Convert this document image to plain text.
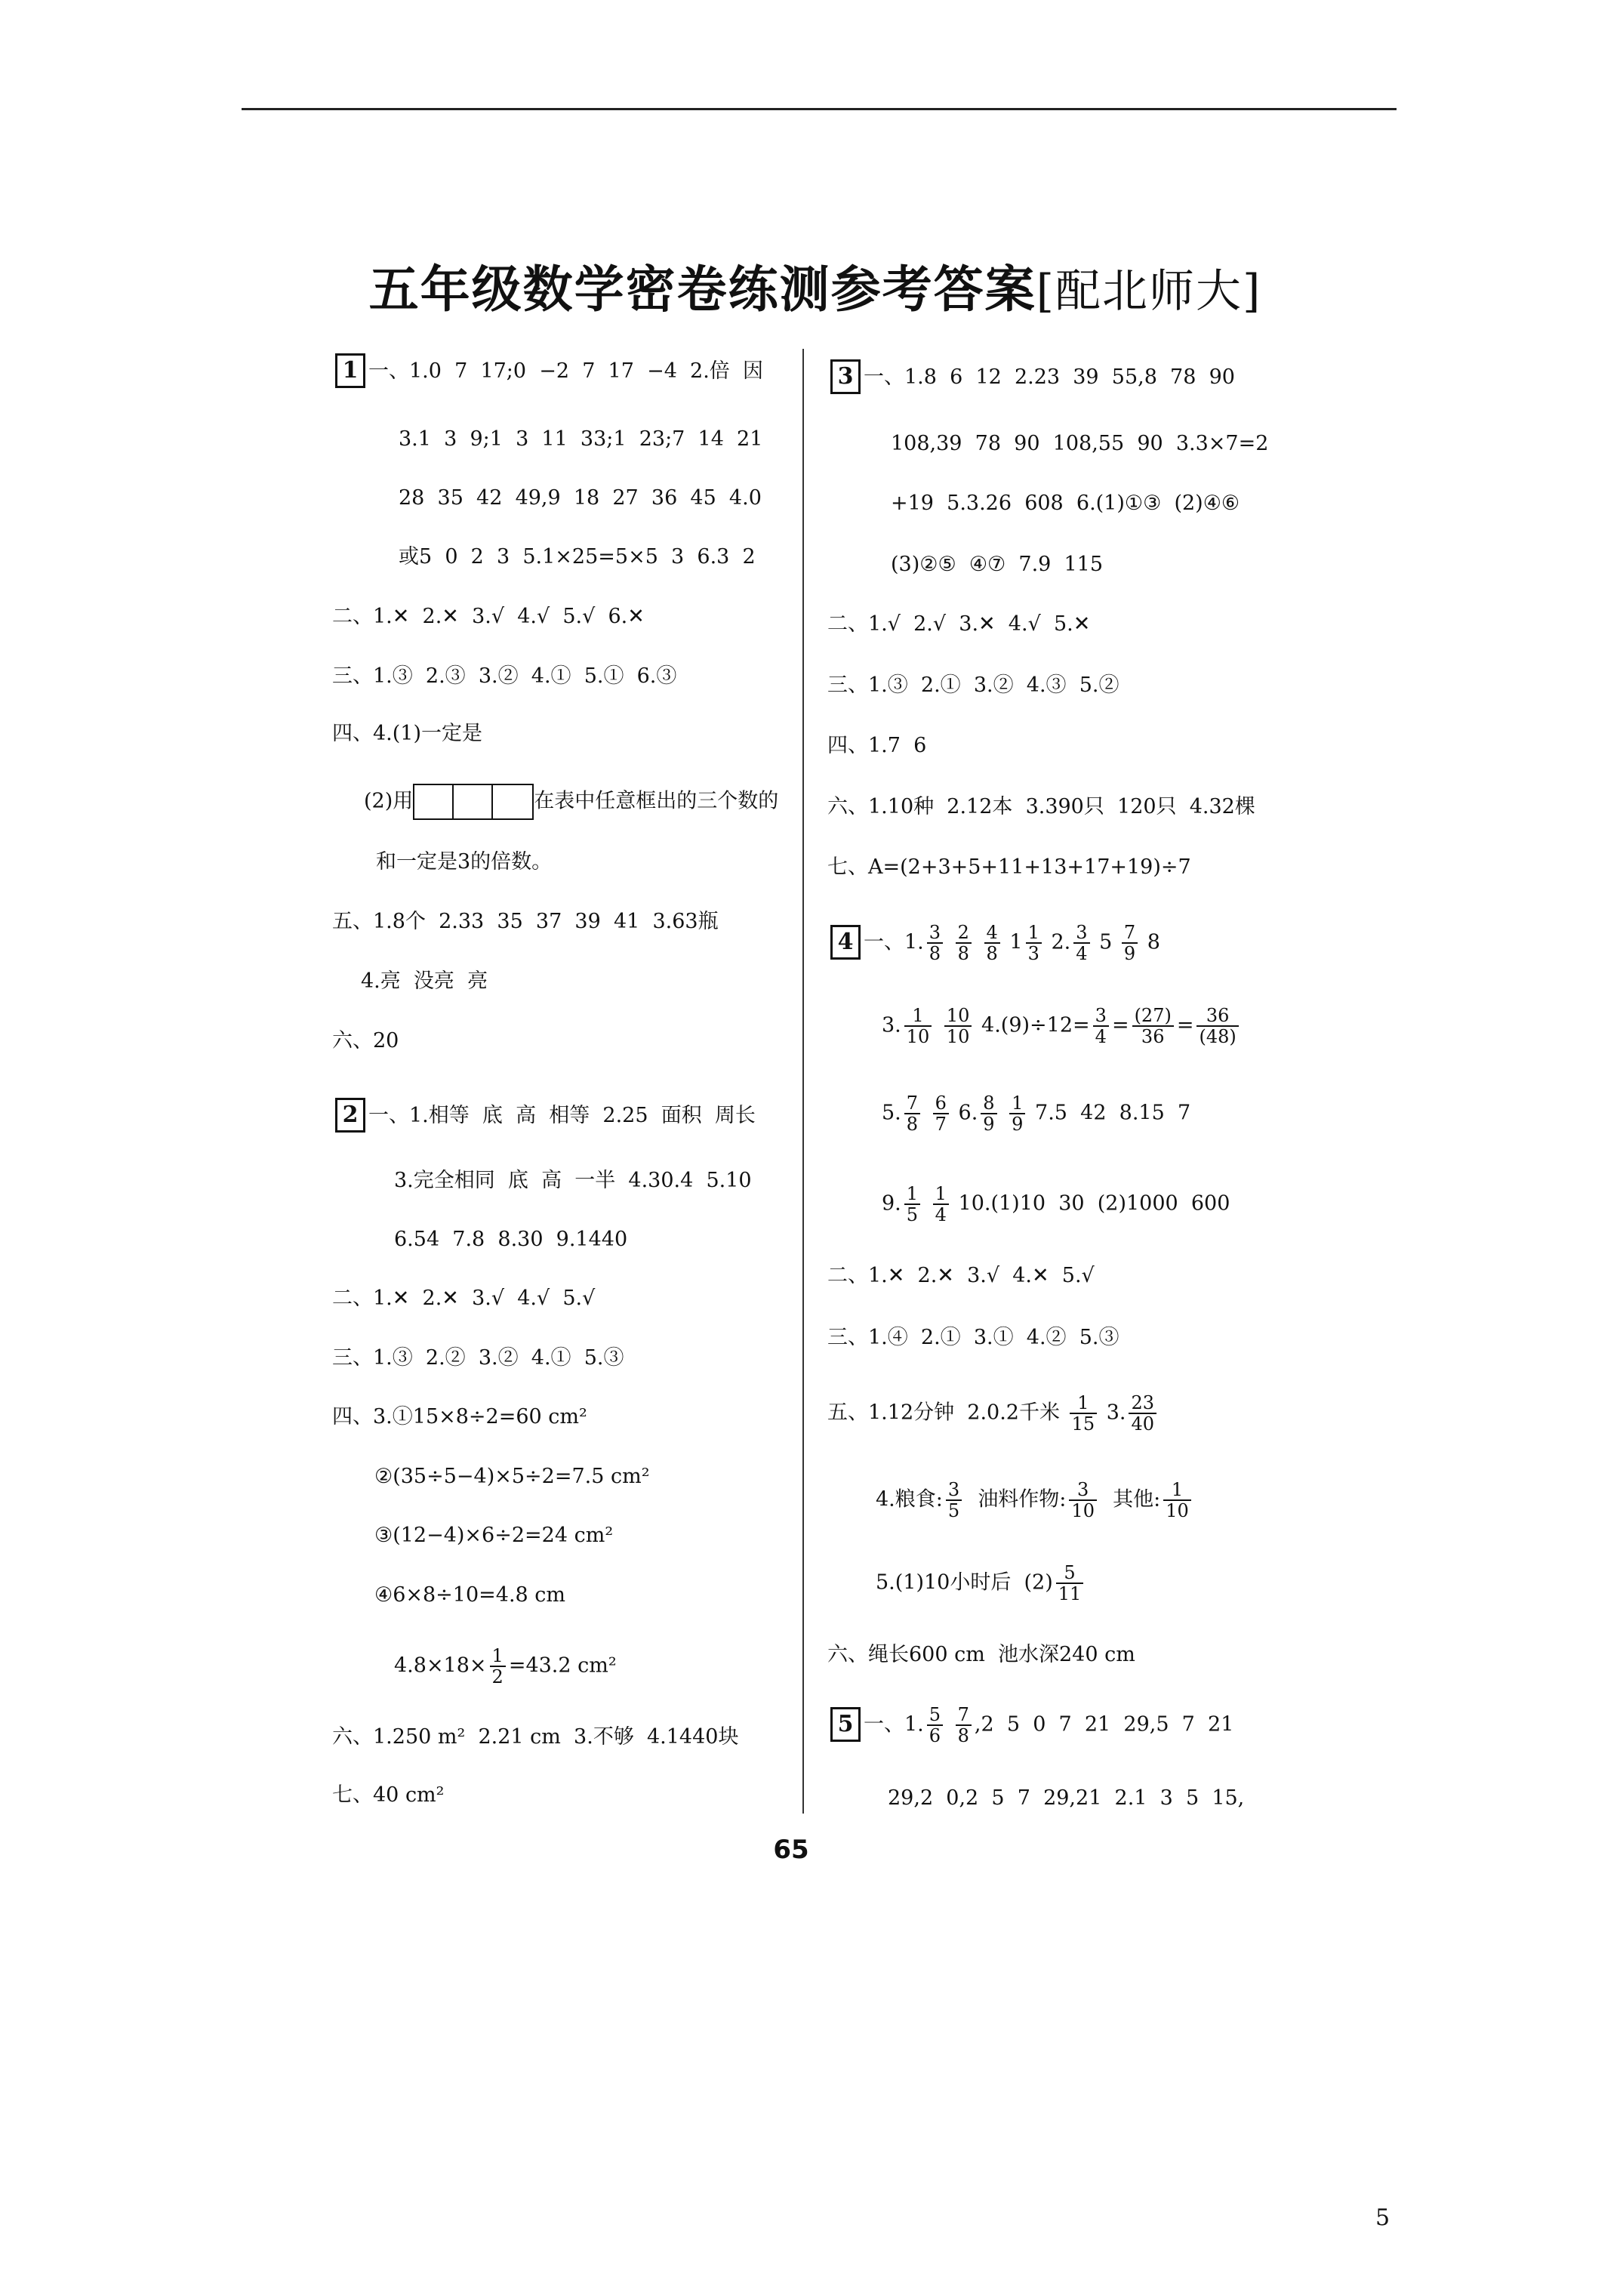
五年级数学密卷练测参考答案[配北师大]
1 一、1.0  7  17;0  −2  7  17  −4  2.倍  因
3.1  3  9;1  3  11  33;1  23;7  14  21
28  35  42  49,9  18  27  36  45  4.0
或5  0  2  3  5.1×25=5×5  3  6.3  2
二、1.✕  2.✕  3.√  4.√  5.√  6.✕
三、1.③  2.③  3.②  4.①  5.①  6.③
四、4.(1)一定是
(2)用	在表中任意框出的三个数的
和一定是3的倍数。
五、1.8个  2.33  35  37  39  41  3.63瓶
4.亮  没亮  亮
六、20
2 一、1.相等  底  高  相等  2.25  面积  周长
3.完全相同  底  高  一半  4.30.4  5.10
6.54  7.8  8.30  9.1440
二、1.✕  2.✕  3.√  4.√  5.√
三、1.③  2.②  3.②  4.①  5.③
四、3.①15×8÷2=60 cm²
②(35÷5−4)×5÷2=7.5 cm²
③(12−4)×6÷2=24 cm²
④6×8÷10=4.8 cm
$4.8\times 18\times \frac{1}{2} =43.2$ cm²
六、1.250 m²  2.21 cm  3.不够  4.1440块
七、40 cm²
3 一、1.8  6  12  2.23  39  55,8  78  90
108,39  78  90  108,55  90  3.3×7=2
+19  5.3.26  608  6.(1)①③  (2)④⑥
(3)②⑤  ④⑦  7.9  115
二、1.√  2.√  3.✕  4.√  5.✕
三、1.③  2.①  3.②  4.③  5.②
四、1.7  6
六、1.10种  2.12本  3.390只  120只  4.32棵
七、A=(2+3+5+11+13+17+19)÷7
4 一、1. $\frac{3}{8}$
$\frac{2}{8}$
$\frac{4}{8} 1 \frac{1}{3} 2$. $\frac{3}{4} 5 \frac{7}{9} 8$
3. $\frac{1}{10}$
$\frac{10}{10} 4.(9)\div 12= \frac{3}{4} = \frac{(27)}{36} = \frac{36}{(48)}$
5. $\frac{7}{8}$
$\frac{6}{7} 6$. $\frac{8}{9}$
$\frac{1}{9} 7.5$  42  8.15  7
9. $\frac{1}{5}$
$\frac{1}{4} 10.(1)10$  30  (2)1000  600
二、1.✕  2.✕  3.√  4.✕  5.√
三、1.④  2.①  3.①  4.②  5.③
五、1.12分钟  2.0.2千米 $\frac{1}{15} 3$. $\frac{23}{40}$
4.粮食: $\frac{3}{5}$ 油料作物: $\frac{3}{10}$ 其他: $\frac{1}{10}$
5.(1)10小时后  $(2) \frac{5}{11}$
六、绳长600 cm  池水深240 cm
5 一、1. $\frac{5}{6}$
$\frac{7}{8} ,2$  5  0  7  21  29,5  7  21
29,2  0,2  5  7  29,21  2.1  3  5  15,
65
5
